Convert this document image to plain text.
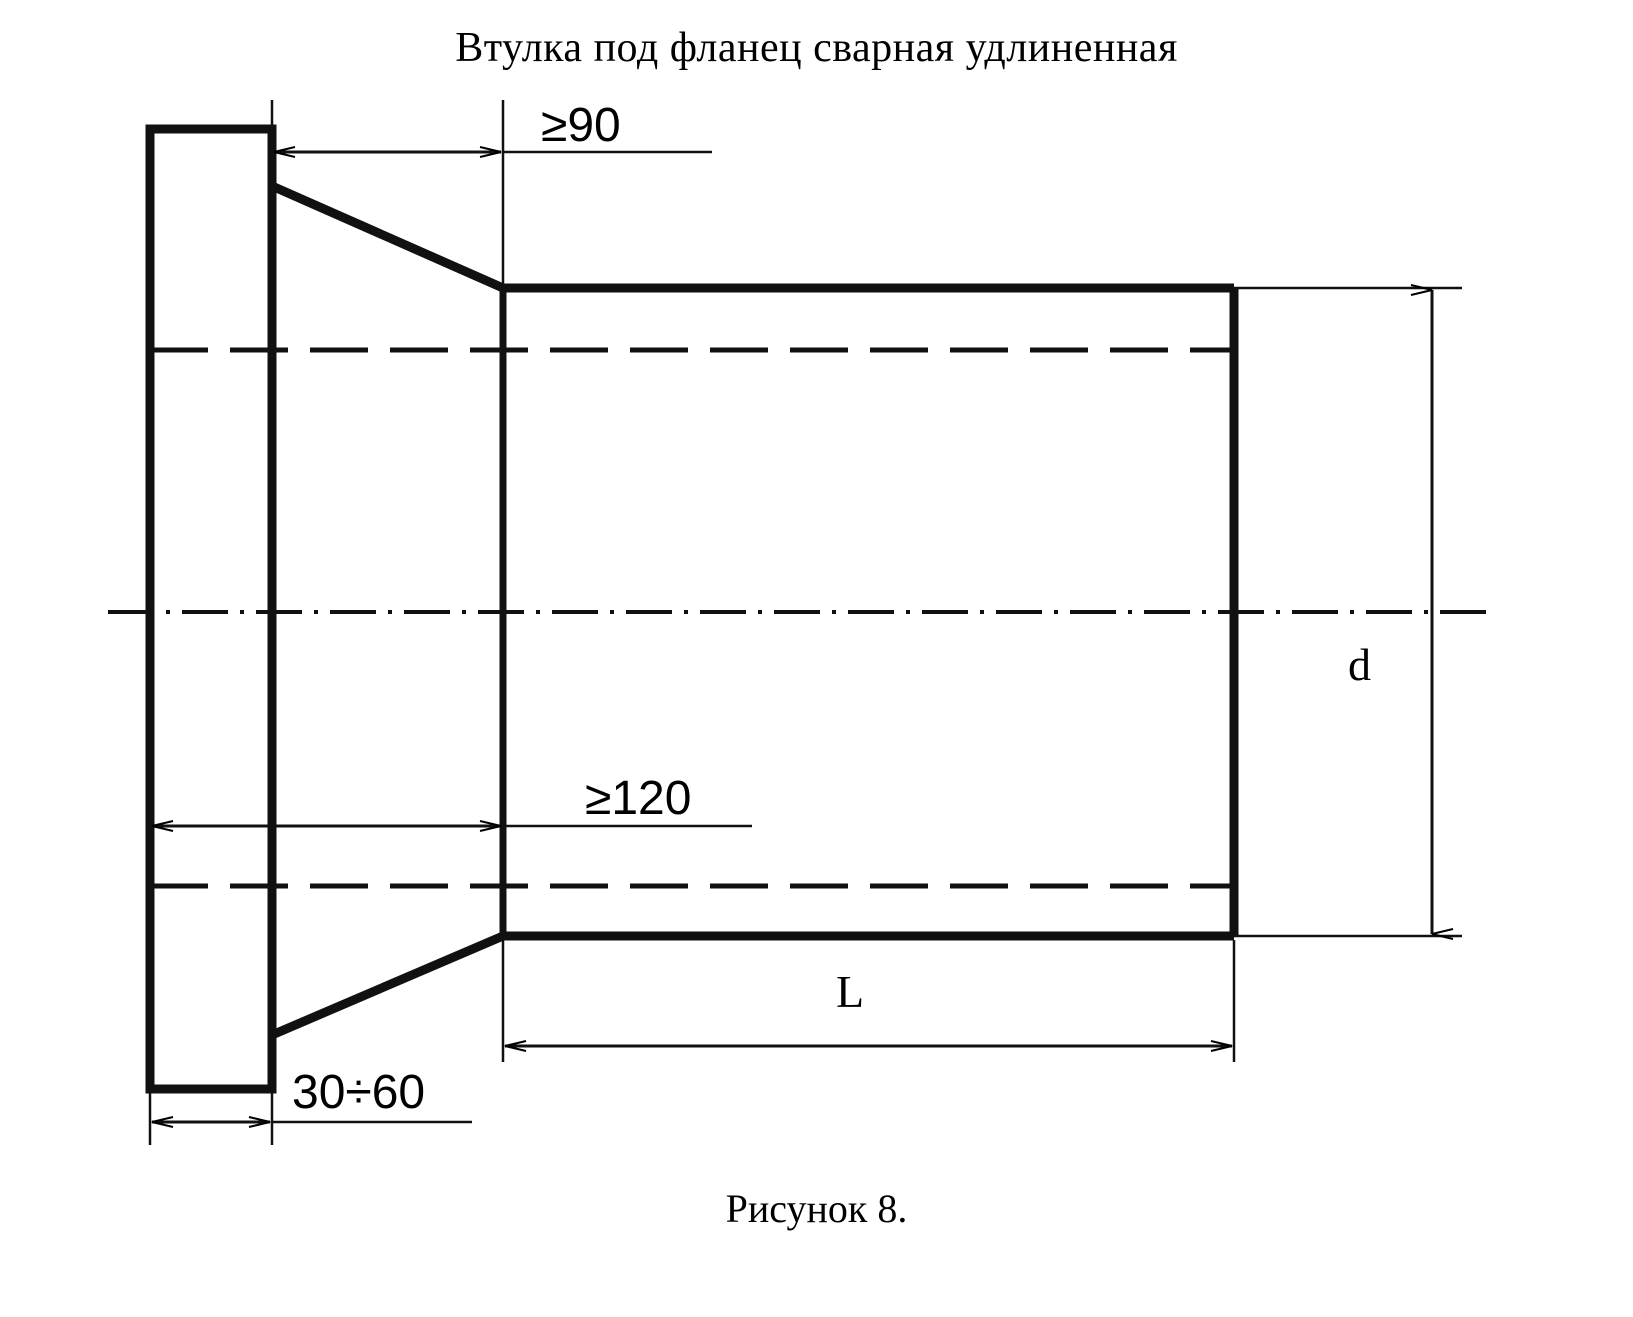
Втулка под фланец сварная удлиненная
≥90
≥120
d
L
30÷60
Рисунок 8.
